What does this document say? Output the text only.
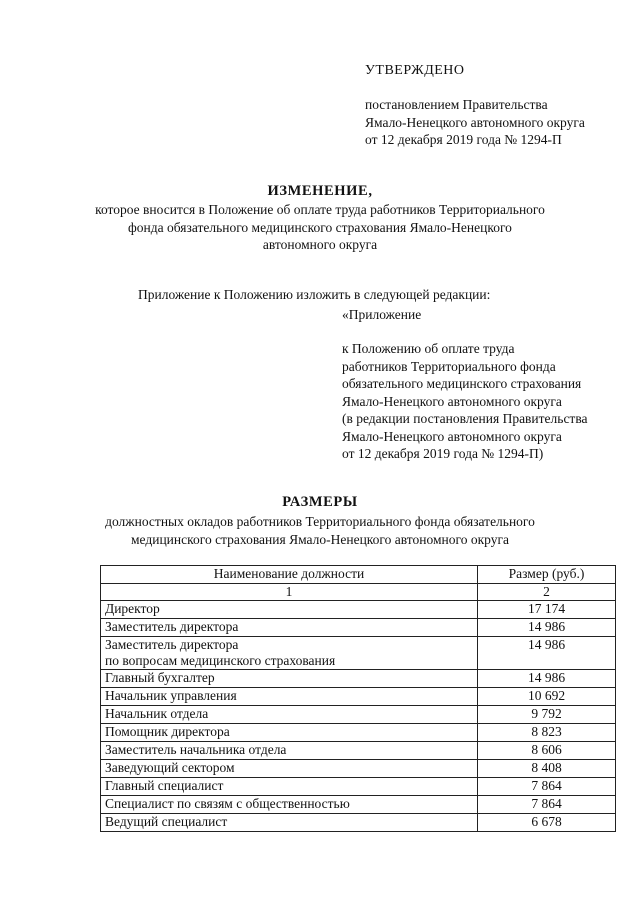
УТВЕРЖДЕНО
постановлением Правительства
Ямало-Ненецкого автономного округа
от 12 декабря 2019 года № 1294-П
ИЗМЕНЕНИЕ,
которое вносится в Положение об оплате труда работников Территориального
фонда обязательного медицинского страхования Ямало-Ненецкого
автономного округа
Приложение к Положению изложить в следующей редакции:
«Приложение
к Положению об оплате труда
работников Территориального фонда
обязательного медицинского страхования
Ямало-Ненецкого автономного округа
(в редакции постановления Правительства
Ямало-Ненецкого автономного округа
от 12 декабря 2019 года № 1294-П)
РАЗМЕРЫ
должностных окладов работников Территориального фонда обязательного
медицинского страхования Ямало-Ненецкого автономного округа
Наименование должности	Размер (руб.)
1	2

Директор	17 174

Заместитель директора	14 986

Заместитель директора
по вопросам медицинского страхования	14 986

Главный бухгалтер	14 986

Начальник управления	10 692

Начальник отдела	9 792

Помощник директора	8 823

Заместитель начальника отдела	8 606

Заведующий сектором	8 408

Главный специалист	7 864

Специалист по связям с общественностью	7 864

Ведущий специалист	6 678
